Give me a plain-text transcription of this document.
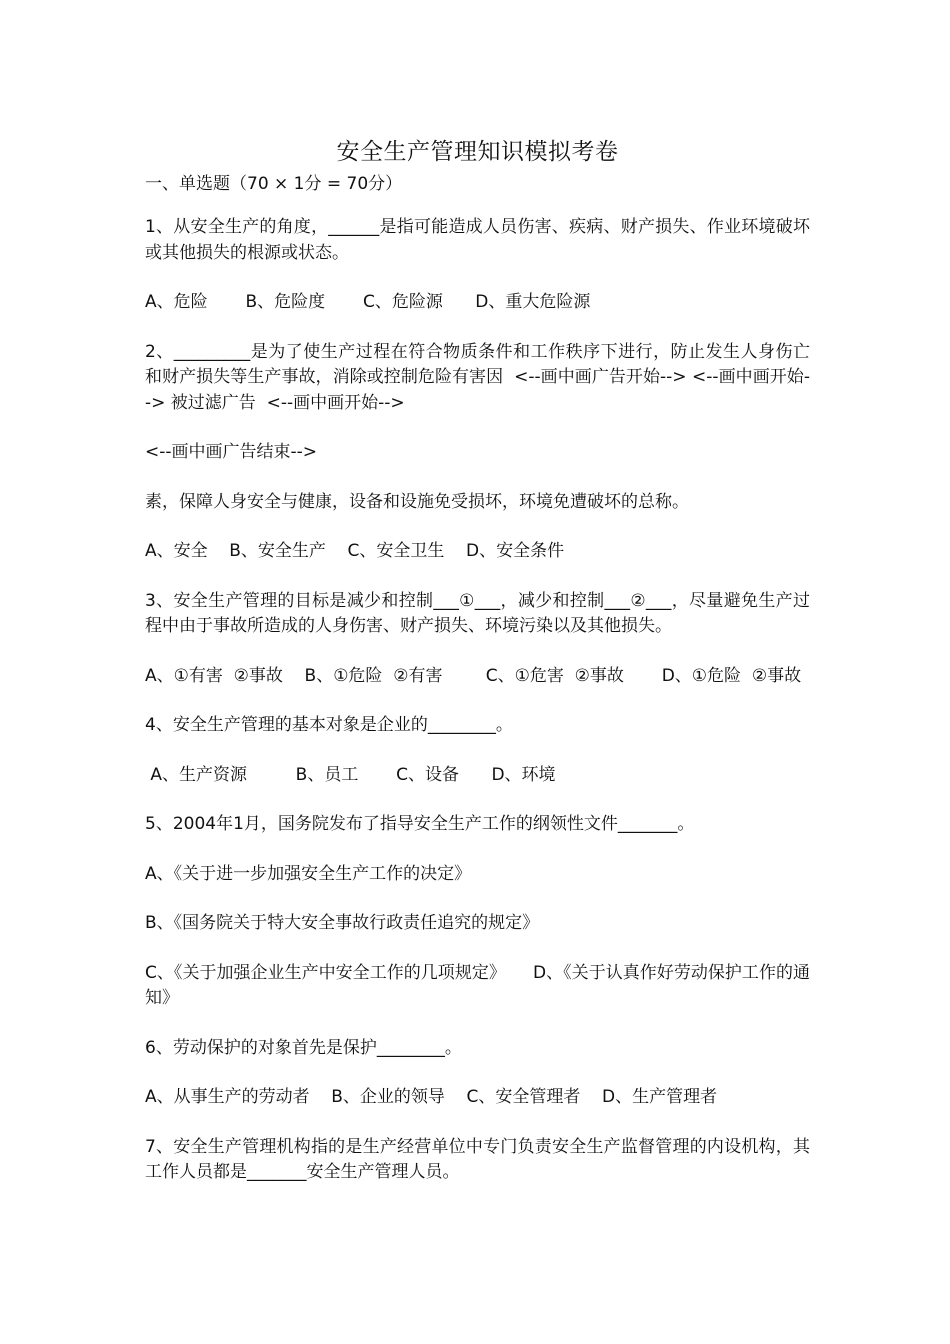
安全生产管理知识模拟考卷
一、单选题（70 × 1分 = 70分）
1、从安全生产的角度，______是指可能造成人员伤害、疾病、财产损失、作业环境破坏或其他损失的根源或状态。
A、危险       B、危险度       C、危险源      D、重大危险源
2、_________是为了使生产过程在符合物质条件和工作秩序下进行，防止发生人身伤亡和财产损失等生产事故，消除或控制危险有害因  <--画中画广告开始--> <--画中画开始--> 被过滤广告  <--画中画开始-->
<--画中画广告结束-->
素，保障人身安全与健康，设备和设施免受损坏，环境免遭破坏的总称。
A、安全    B、安全生产    C、安全卫生    D、安全条件
3、安全生产管理的目标是减少和控制___①___，减少和控制___②___，尽量避免生产过程中由于事故所造成的人身伤害、财产损失、环境污染以及其他损失。
A、①有害  ②事故    B、①危险  ②有害        C、①危害  ②事故       D、①危险  ②事故
4、安全生产管理的基本对象是企业的________。
A、生产资源         B、员工       C、设备      D、环境
5、2004年1月，国务院发布了指导安全生产工作的纲领性文件_______。
A、《关于进一步加强安全生产工作的决定》
B、《国务院关于特大安全事故行政责任追究的规定》
C、《关于加强企业生产中安全工作的几项规定》     D、《关于认真作好劳动保护工作的通知》
6、劳动保护的对象首先是保护________。
A、从事生产的劳动者    B、企业的领导    C、安全管理者    D、生产管理者
7、安全生产管理机构指的是生产经营单位中专门负责安全生产监督管理的内设机构，其工作人员都是_______安全生产管理人员。
